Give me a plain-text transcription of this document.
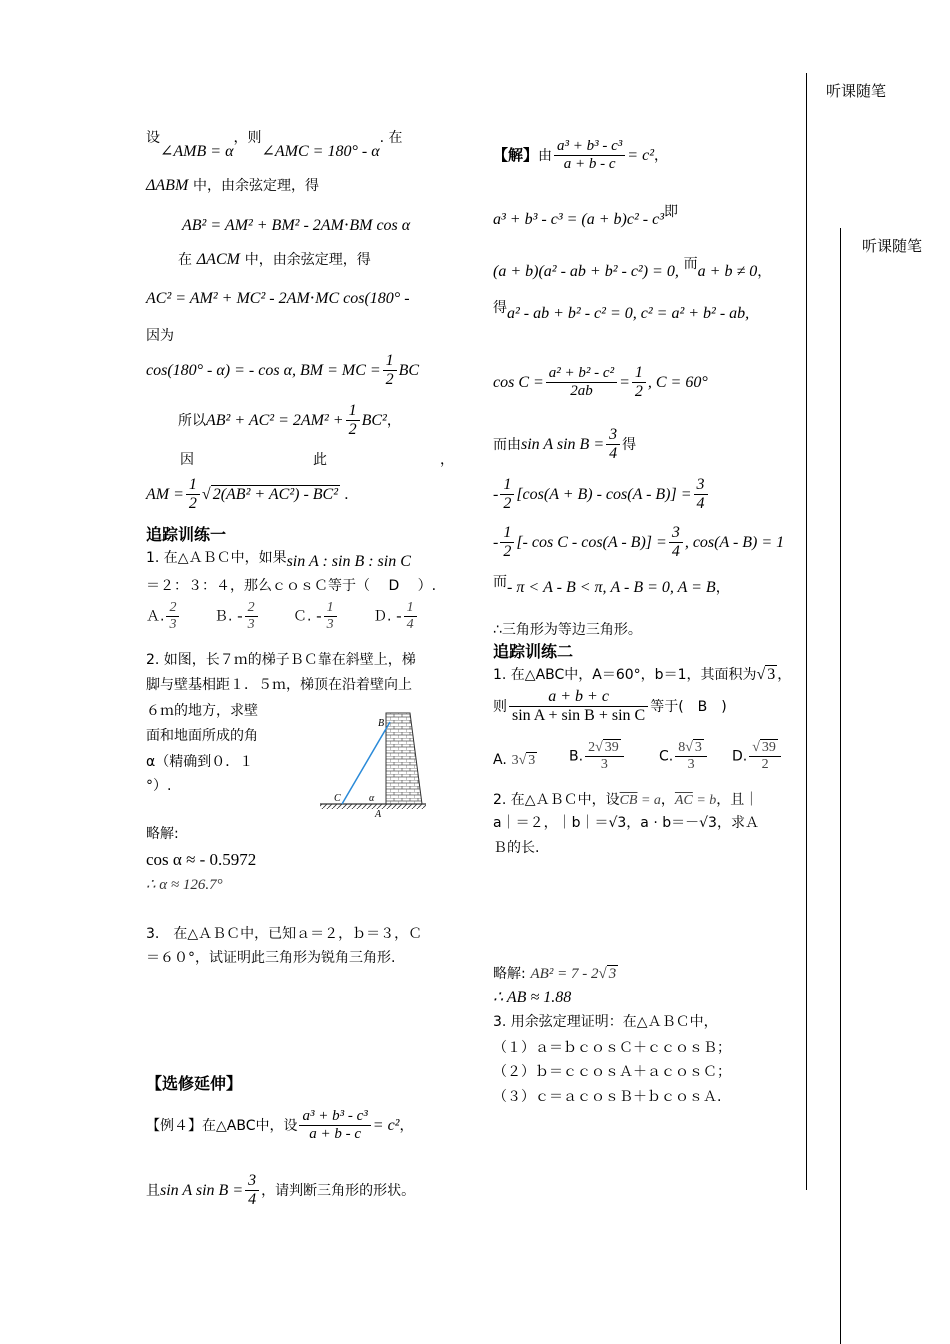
听课随笔
听课随笔
设∠AMB = α，则∠AMC = 180° - α. 在
ΔABM 中，由余弦定理，得
AB² = AM² + BM² - 2AM⋅BM cos α
在 ΔACM 中，由余弦定理，得
AC² = AM² + MC² - 2AM⋅MC cos(180° -
因为
cos(180° - α) = - cos α, BM = MC = $\frac{1}{2}$ BC
所以$AB^2 + AC^2 = 2AM^2 + \frac{1}{2} BC^2$，
因	此	，
AM = $\frac{1}{2}$ √ 2(AB² + AC²) - BC² .
追踪训练一
1. 在△ＡＢＣ中，如果sin A : sin B : sin C
＝２：３：４，那么ｃｏｓＣ等于（　 D　 ）.
Ａ. $\frac{2}{3}$ Ｂ. - $\frac{2}{3}$	Ｃ. - $\frac{1}{3}$	Ｄ. - $\frac{1}{4}$
2. 如图，长７ｍ的梯子ＢＣ靠在斜壁上，梯
脚与壁基相距１．５ｍ，梯顶在沿着壁向上
６ｍ的地方，求壁
面和地面所成的角
α（精确到０．１
°）.
B
C	α
A
略解:
cos α ≈ - 0.5972
∴ α ≈ 126.7°
3.　在△ＡＢＣ中，已知ａ＝２，ｂ＝３，Ｃ
＝６０°，试证明此三角形为锐角三角形.
【选修延伸】
【例４】在△ABC中，设 $\frac{\text{a³ + b³ - c³}}{a + b - c} = c^2$，
且sin A $\sin B = \frac{3}{4}$ ，请判断三角形的形状。
【解】由 $\frac{\text{a³ + b³ - c³}}{a + b - c} = c^2$，
a³ + b³ - c³ = (a + b)c² - c³即
(a + b)(a² - ab + b² - c²) = 0, 而a + b ≠ 0，
得a² - ab + b² - c² = 0, c² = a² + b² - ab,
$\cos C = \frac{\text{a² + b² - c²}}{2ab} = \frac{1}{2}$ , C = 60°
而由sin A $\sin B = \frac{3}{4}$ 得
- $\frac{1}{2} [\cos(A + B) - \cos(A - B)] = \frac{3}{4}$
- $\frac{1}{2}$ [- $\cos C - \cos(A - B)] = \frac{3}{4}$ , cos(A - B) = 1
而- π < A - B < π, A - B = 0, A = B，
∴三角形为等边三角形。
追踪训练二
1. 在△ABC中，A＝60°，b＝1，其面积为√ 3 ，
则 $\frac{a + b + c}{\text{sin A + sin B + sin C}}$ 等于(　B　)
A. 3√ 3 B. $\frac{2√ 39}{3}$	C. $\frac{8√ 3}{3} D$. $\frac{√ 39}{2}$
2. 在△ＡＢＣ中，设$\overline{CB} = a$，$\overline{AC} = b$，且｜
a｜＝２，｜b｜＝√3，a · b＝－√3，求Ａ
Ｂ的长.
略解: AB² = 7 - 2√ 3
∴ AB ≈ 1.88
3. 用余弦定理证明：在△ＡＢＣ中，
（１）ａ＝ｂｃｏｓＣ＋ｃｃｏｓＢ；
（２）ｂ＝ｃｃｏｓＡ＋ａｃｏｓＣ；
（３）ｃ＝ａｃｏｓＢ＋ｂｃｏｓＡ.
